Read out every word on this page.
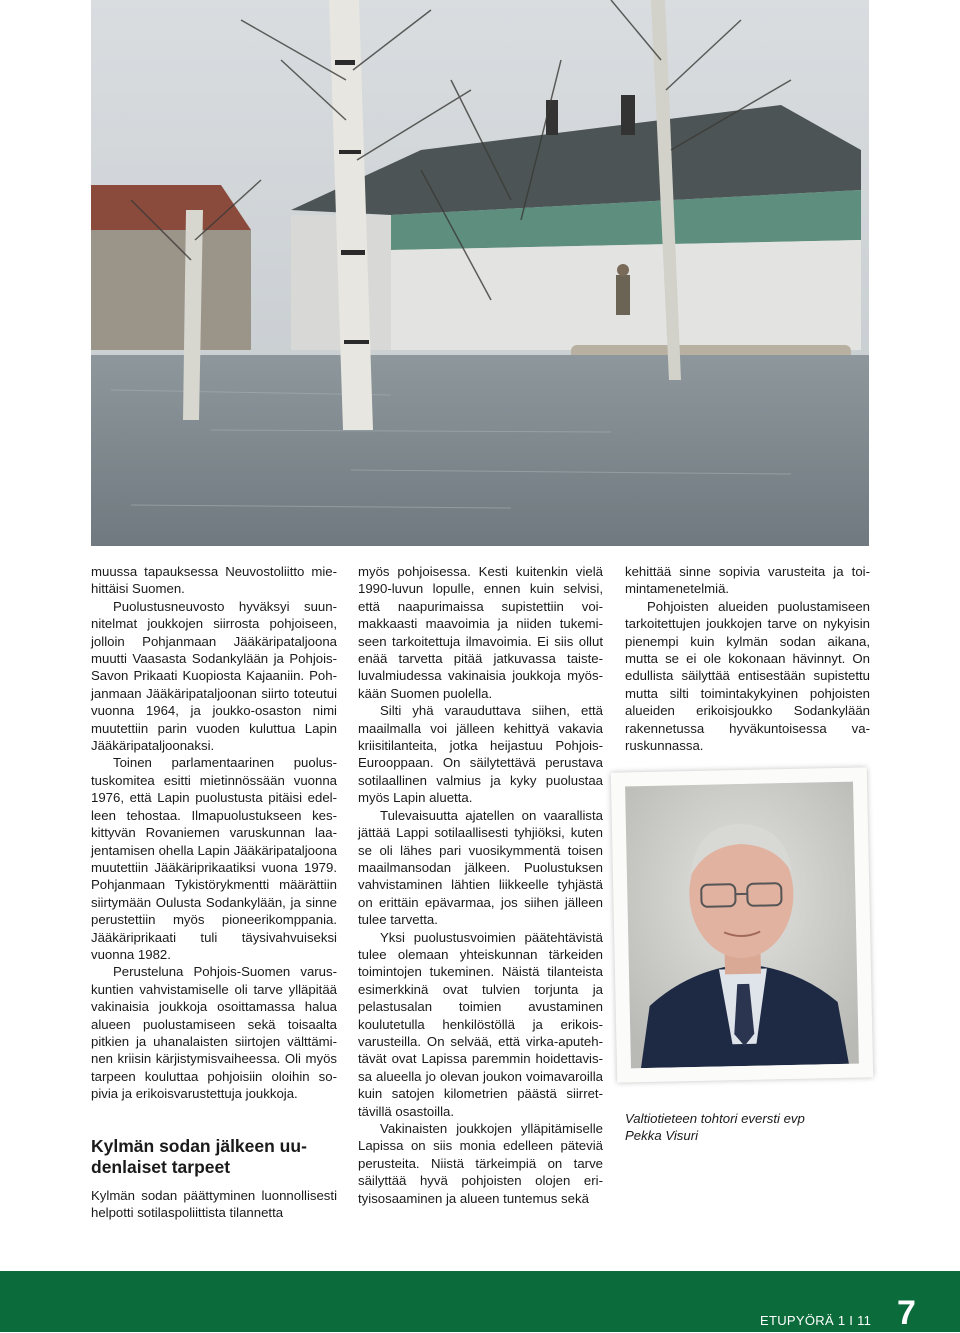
muussa tapauksessa Neuvostoliitto miehittäisi Suomen.

Puolustusneuvosto hyväksyi suunnitelmat joukkojen siirrosta pohjoiseen, jolloin Pohjanmaan Jääkäripataljoona muutti Vaasasta Sodankylään ja Pohjois-Savon Prikaati Kuopiosta Kajaaniin. Pohjanmaan Jääkäripataljoonan siirto toteutui vuonna 1964, ja joukko-osaston nimi muutettiin parin vuoden kuluttua Lapin Jääkäripataljoonaksi.

Toinen parlamentaarinen puolustuskomitea esitti mietinnössään vuonna 1976, että Lapin puolustusta pitäisi edelleen tehostaa. Ilmapuolustukseen keskittyvän Rovaniemen varuskunnan laajentamisen ohella Lapin Jääkäripataljoona muutettiin Jääkäriprikaatiksi vuona 1979. Pohjanmaan Tykistörykmentti määrättiin siirtymään Oulusta Sodankylään, ja sinne perustettiin myös pioneerikomppania. Jääkäriprikaati tuli täysivahvuiseksi vuonna 1982.

Perusteluna Pohjois-Suomen varuskuntien vahvistamiselle oli tarve ylläpitää vakinaisia joukkoja osoittamassa halua alueen puolustamiseen sekä toisaalta pitkien ja uhanalaisten siirtojen välttäminen kriisin kärjistymisvaiheessa. Oli myös tarpeen kouluttaa pohjoisiin oloihin sopivia ja erikoisvarustettuja joukkoja.

Kylmän sodan jälkeen uudenlaiset tarpeet

Kylmän sodan päättyminen luonnollisesti helpotti sotilaspoliittista tilannetta

myös pohjoisessa. Kesti kuitenkin vielä 1990-luvun lopulle, ennen kuin selvisi, että naapurimaissa supistettiin voimakkaasti maavoimia ja niiden tukemiseen tarkoitettuja ilmavoimia. Ei siis ollut enää tarvetta pitää jatkuvassa taisteluvalmiudessa vakinaisia joukkoja myöskään Suomen puolella.

Silti yhä varauduttava siihen, että maailmalla voi jälleen kehittyä vakavia kriisitilanteita, jotka heijastuu Pohjois-Eurooppaan. On säilytettävä perustava sotilaallinen valmius ja kyky puolustaa myös Lapin aluetta.

Tulevaisuutta ajatellen on vaarallista jättää Lappi sotilaallisesti tyhjiöksi, kuten se oli lähes pari vuosikymmentä toisen maailmansodan jälkeen. Puolustuksen vahvistaminen lähtien liikkeelle tyhjästä on erittäin epävarmaa, jos siihen jälleen tulee tarvetta.

Yksi puolustusvoimien päätehtävistä tulee olemaan yhteiskunnan tärkeiden toimintojen tukeminen. Näistä tilanteista esimerkkinä ovat tulvien torjunta ja pelastusalan toimien avustaminen koulutetulla henkilöstöllä ja erikoisvarusteilla. On selvää, että virka-aputehtävät ovat Lapissa paremmin hoidettavissa alueella jo olevan joukon voimavaroilla kuin satojen kilometrien päästä siirrettävillä osastoilla.

Vakinaisten joukkojen ylläpitämiselle Lapissa on siis monia edelleen päteviä perusteita. Niistä tärkeimpiä on tarve säilyttää hyvä pohjoisten olojen erityisosaaminen ja alueen tuntemus sekä

kehittää sinne sopivia varusteita ja toimintamenetelmiä.

Pohjoisten alueiden puolustamiseen tarkoitettujen joukkojen tarve on nykyisin pienempi kuin kylmän sodan aikana, mutta se ei ole kokonaan hävinnyt. On edullista säilyttää entisestään supistettu mutta silti toimintakykyinen pohjoisten alueiden erikoisjoukko Sodankylään rakennetussa hyväkuntoisessa varuskunnassa.

Valtiotieteen tohtori eversti evp
Pekka Visuri
ETUPYÖRÄ 1 I 11 7
